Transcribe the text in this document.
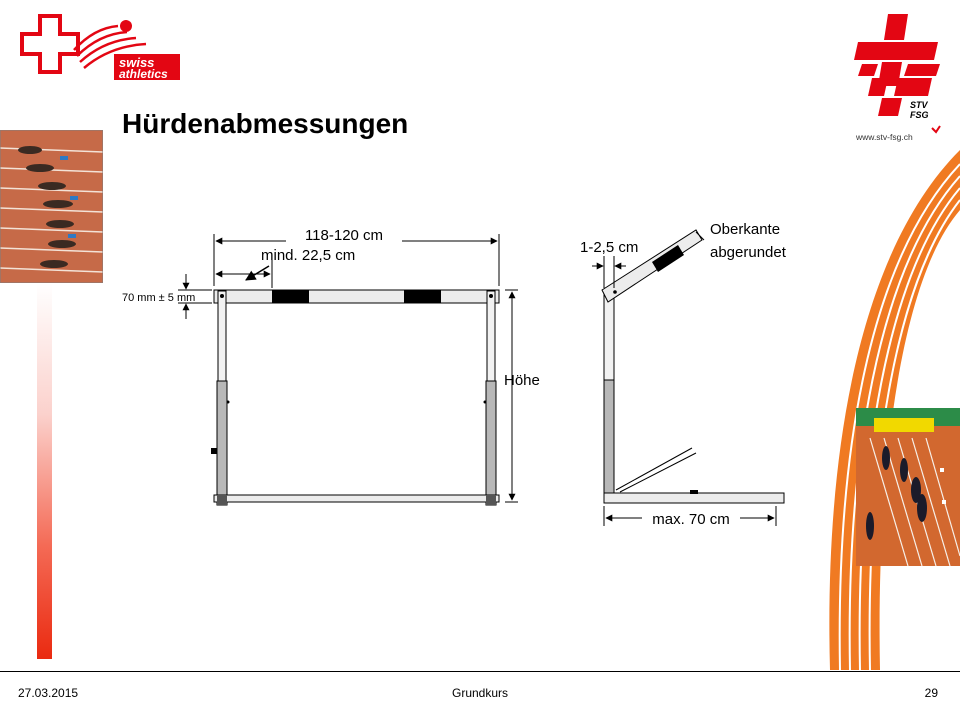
swiss
athletics
STV
FSG
www.stv-fsg.ch
Hürdenabmessungen
118-120 cm
mind. 22,5 cm
70 mm ± 5 mm
Höhe
1-2,5 cm
Oberkante
abgerundet
max. 70 cm
27.03.2015	Grundkurs	29
